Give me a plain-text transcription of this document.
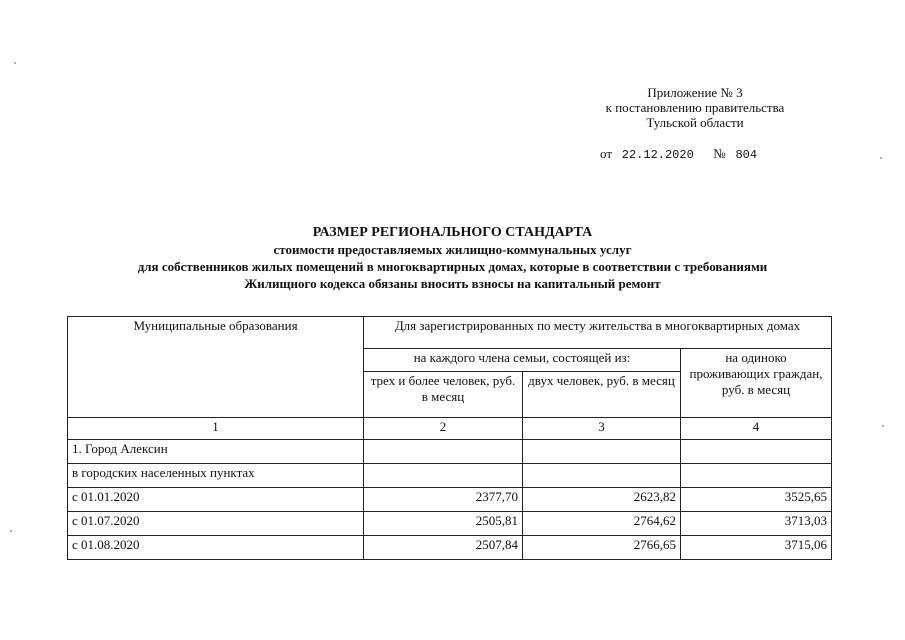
Приложение № 3
к постановлению правительства
Тульской области
от 22.12.2020 № 804
РАЗМЕР РЕГИОНАЛЬНОГО СТАНДАРТА
стоимости предоставляемых жилищно-коммунальных услуг
для собственников жилых помещений в многоквартирных домах, которые в соответствии с требованиями
Жилищного кодекса обязаны вносить взносы на капитальный ремонт
Муниципальные образования	Для зарегистрированных по месту жительства в многоквартирных домах		
	на каждого члена семьи, состоящей из:		на одиноко проживающих граждан, руб. в месяц
	трех и более человек, руб. в месяц	двух человек, руб. в месяц	
1	2	3	4
1. Город Алексин			
в городских населенных пунктах			
с 01.01.2020	2377,70	2623,82	3525,65
с 01.07.2020	2505,81	2764,62	3713,03
с 01.08.2020	2507,84	2766,65	3715,06
